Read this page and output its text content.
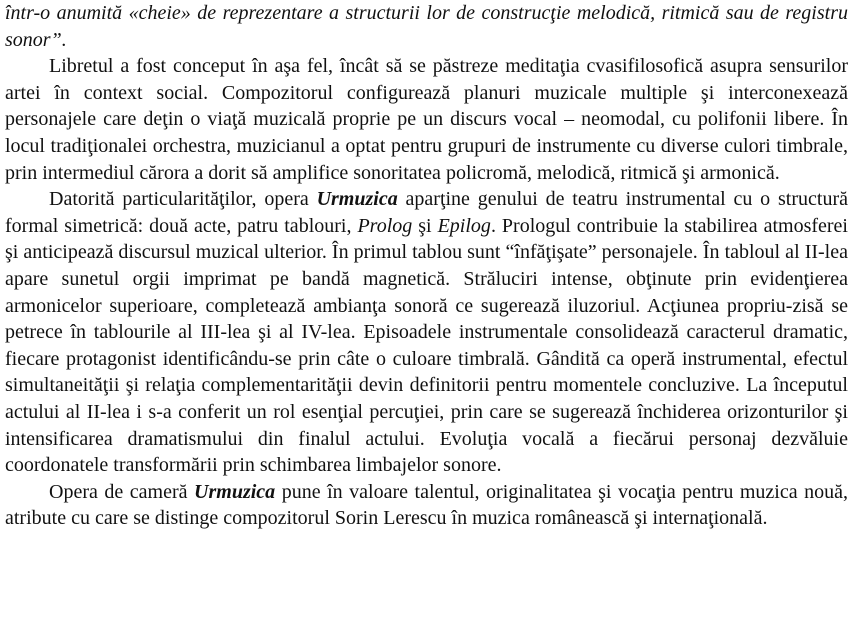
într-o anumită «cheie» de reprezentare a structurii lor de construcţie melodică, ritmică sau de registru sonor”.

Libretul a fost conceput în aşa fel, încât să se păstreze meditaţia cvasifilosofică asupra sensurilor artei în context social. Compozitorul configurează planuri muzicale multiple şi interconexează personajele care deţin o viaţă muzicală proprie pe un discurs vocal – neomodal, cu polifonii libere. În locul tradiţionalei orchestra, muzicianul a optat pentru grupuri de instrumente cu diverse culori timbrale, prin intermediul cărora a dorit să amplifice sonoritatea policromă, melodică, ritmică şi armonică.

Datorită particularităţilor, opera Urmuzica aparţine genului de teatru instrumental cu o structură formal simetrică: două acte, patru tablouri, Prolog şi Epilog. Prologul contribuie la stabilirea atmosferei şi anticipează discursul muzical ulterior. În primul tablou sunt “înfăţişate” personajele. În tabloul al II-lea apare sunetul orgii imprimat pe bandă magnetică. Străluciri intense, obţinute prin evidenţierea armonicelor superioare, completează ambianţa sonoră ce sugerează iluzoriul. Acţiunea propriu-zisă se petrece în tablourile al III-lea şi al IV-lea. Episoadele instrumentale consolidează caracterul dramatic, fiecare protagonist identificându-se prin câte o culoare timbrală. Gândită ca operă instrumental, efectul simultaneităţii şi relaţia complementarităţii devin definitorii pentru momentele concluzive. La începutul actului al II-lea i s-a conferit un rol esenţial percuţiei, prin care se sugerează închiderea orizonturilor şi intensificarea dramatismului din finalul actului. Evoluţia vocală a fiecărui personaj dezvăluie coordonatele transformării prin schimbarea limbajelor sonore.

Opera de cameră Urmuzica pune în valoare talentul, originalitatea şi vocaţia pentru muzica nouă, atribute cu care se distinge compozitorul Sorin Lerescu în muzica românească şi internaţională.
